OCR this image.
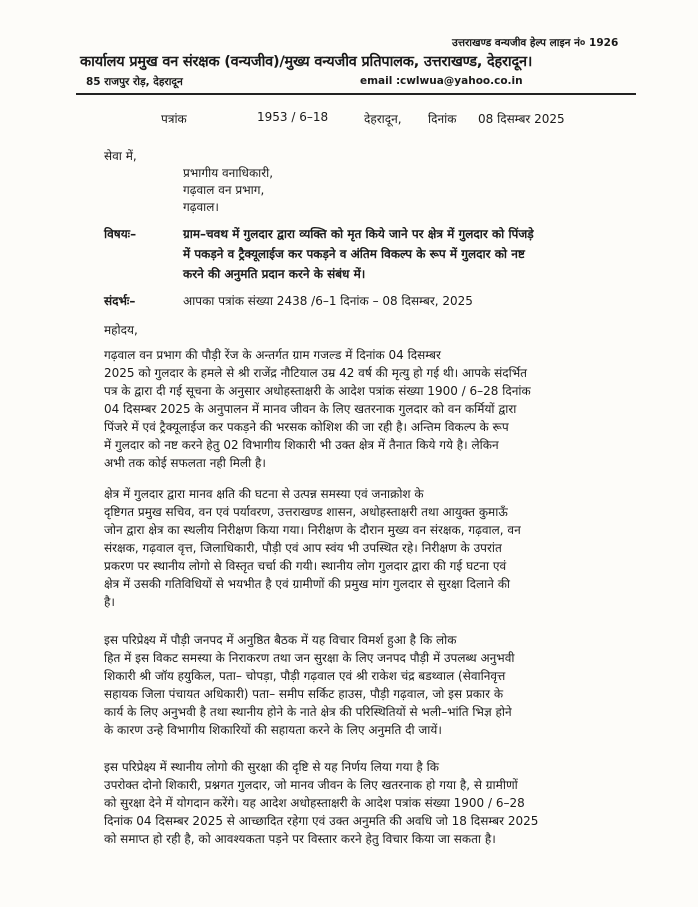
उत्तराखण्ड वन्यजीव हेल्प लाइन नं० 1926
कार्यालय प्रमुख वन संरक्षक (वन्यजीव)/मुख्य वन्यजीव प्रतिपालक, उत्तराखण्ड, देहरादून।
85 राजपुर रोड़, देहरादून	email : cwlwua@yahoo.co.in
पत्रांक	1953 / 6–18	देहरादून, दिनांक 08 दिसम्बर 2025
सेवा में,
प्रभागीय वनाधिकारी,
गढ़वाल वन प्रभाग,
गढ़वाल।
विषयः–	ग्राम–चवथ में गुलदार द्वारा व्यक्ति को मृत किये जाने पर क्षेत्र में गुलदार को पिंजड़े
में पकड़ने व ट्रैक्यूलाईज कर पकड़ने व अंतिम विकल्प के रूप में गुलदार को नष्ट
करने की अनुमति प्रदान करने के संबंध में।
संदर्भः–	आपका पत्रांक संख्या 2438 /6–1 दिनांक – 08 दिसम्बर, 2025
महोदय,
गढ़वाल वन प्रभाग की पौड़ी रेंज के अन्तर्गत ग्राम गजल्ड में दिनांक 04 दिसम्बर
2025 को गुलदार के हमले से श्री राजेंद्र नौटियाल उम्र 42 वर्ष की मृत्यु हो गई थी। आपके संदर्भित
पत्र के द्वारा दी गई सूचना के अनुसार अधोहस्ताक्षरी के आदेश पत्रांक संख्या 1900 / 6–28 दिनांक
04 दिसम्बर 2025 के अनुपालन में मानव जीवन के लिए खतरनाक गुलदार को वन कर्मियों द्वारा
पिंजरे में एवं ट्रैक्यूलाईज कर पकड़ने की भरसक कोशिश की जा रही है। अन्तिम विकल्प के रूप
में गुलदार को नष्ट करने हेतु 02 विभागीय शिकारी भी उक्त क्षेत्र में तैनात किये गये है। लेकिन
अभी तक कोई सफलता नही मिली है।
क्षेत्र में गुलदार द्वारा मानव क्षति की घटना से उत्पन्न समस्या एवं जनाक्रोश के
दृष्टिगत प्रमुख सचिव, वन एवं पर्यावरण, उत्तराखण्ड शासन, अधोहस्ताक्षरी तथा आयुक्त कुमाऊँ
जोन द्वारा क्षेत्र का स्थलीय निरीक्षण किया गया। निरीक्षण के दौरान मुख्य वन संरक्षक, गढ़वाल, वन
संरक्षक, गढ़वाल वृत्त, जिलाधिकारी, पौड़ी एवं आप स्वंय भी उपस्थित रहे। निरीक्षण के उपरांत
प्रकरण पर स्थानीय लोगो से विस्तृत चर्चा की गयी। स्थानीय लोग गुलदार द्वारा की गई घटना एवं
क्षेत्र में उसकी गतिविधियों से भयभीत है एवं ग्रामीणों की प्रमुख मांग गुलदार से सुरक्षा दिलाने की
है।
इस परिप्रेक्ष्य में पौड़ी जनपद में अनुष्ठित बैठक में यह विचार विमर्श हुआ है कि लोक
हित में इस विकट समस्या के निराकरण तथा जन सुरक्षा के लिए जनपद पौड़ी में उपलब्ध अनुभवी
शिकारी श्री जॉय हयुकिल, पता– चोपड़ा, पौड़ी गढ़वाल एवं श्री राकेश चंद्र बडथ्वाल (सेवानिवृत्त
सहायक जिला पंचायत अधिकारी) पता– समीप सर्किट हाउस, पौड़ी गढ़वाल, जो इस प्रकार के
कार्य के लिए अनुभवी है तथा स्थानीय होने के नाते क्षेत्र की परिस्थितियों से भली–भांति भिज्ञ होने
के कारण उन्हे विभागीय शिकारियों की सहायता करने के लिए अनुमति दी जायें।
इस परिप्रेक्ष्य में स्थानीय लोगो की सुरक्षा की दृष्टि से यह निर्णय लिया गया है कि
उपरोक्त दोनो शिकारी, प्रश्नगत गुलदार, जो मानव जीवन के लिए खतरनाक हो गया है, से ग्रामीणों
को सुरक्षा देने में योगदान करेंगे। यह आदेश अधोहस्ताक्षरी के आदेश पत्रांक संख्या 1900 / 6–28
दिनांक 04 दिसम्बर 2025 से आच्छादित रहेगा एवं उक्त अनुमति की अवधि जो 18 दिसम्बर 2025
को समाप्त हो रही है, को आवश्यकता पड़ने पर विस्तार करने हेतु विचार किया जा सकता है।
